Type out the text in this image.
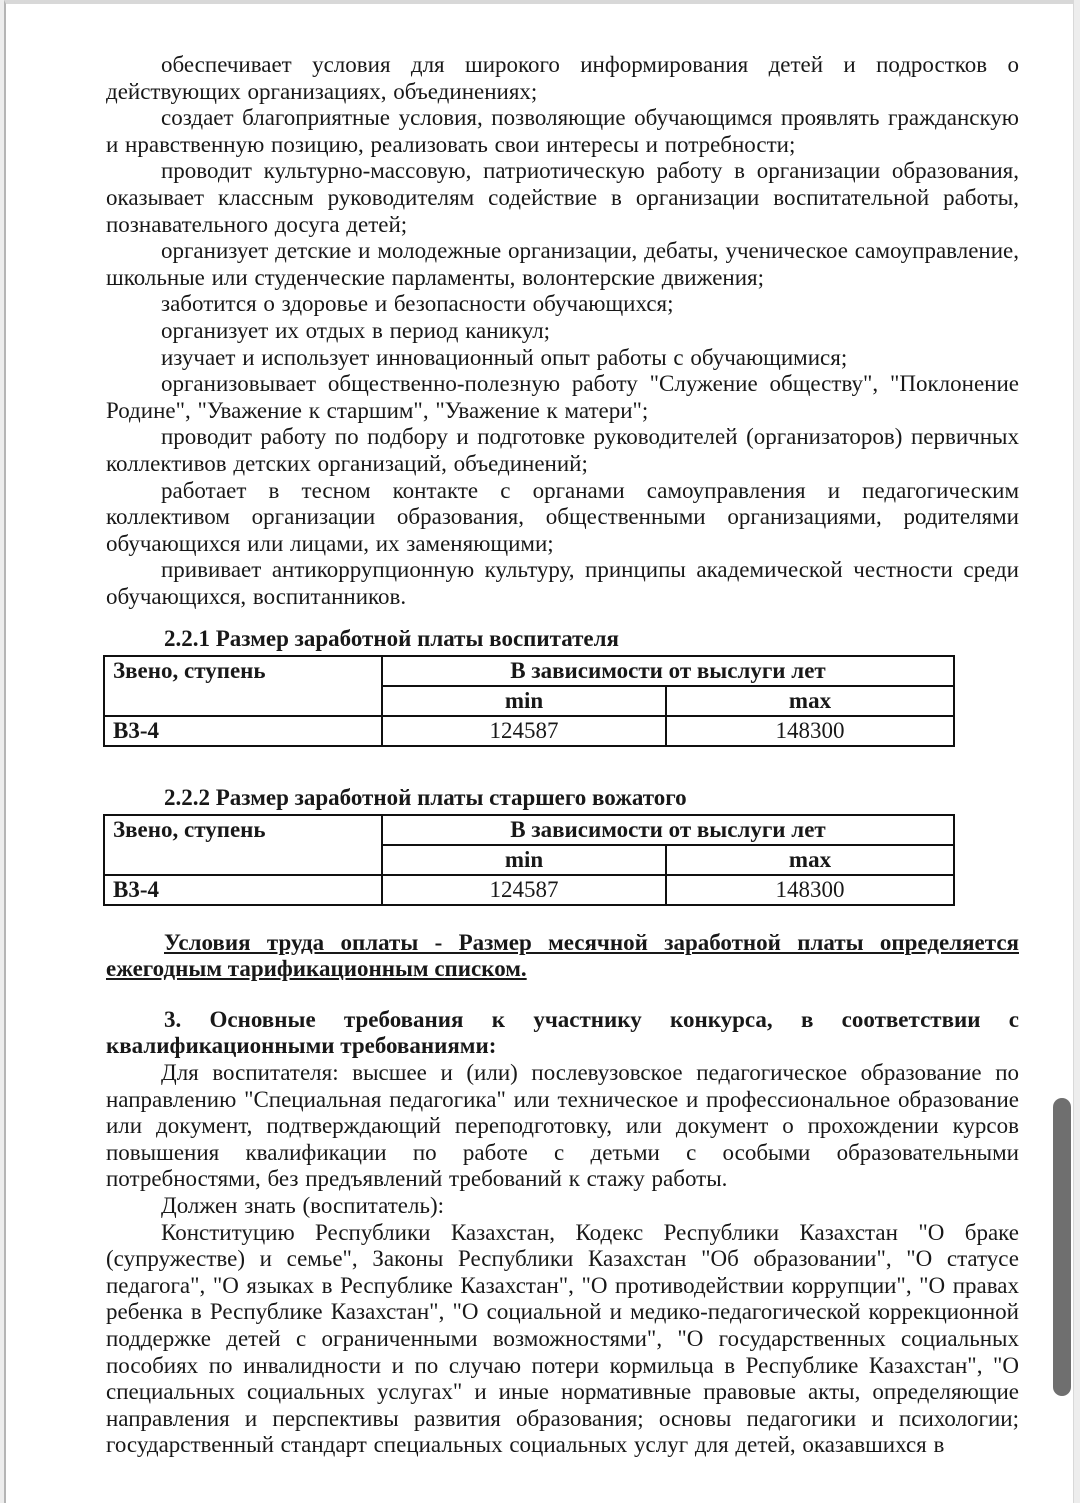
обеспечивает условия для широкого информирования детей и подростков о действующих организациях, объединениях;

создает благоприятные условия, позволяющие обучающимся проявлять гражданскую и нравственную позицию, реализовать свои интересы и потребности;

проводит культурно-массовую, патриотическую работу в организации образования, оказывает классным руководителям содействие в организации воспитательной работы, познавательного досуга детей;

организует детские и молодежные организации, дебаты, ученическое самоуправление, школьные или студенческие парламенты, волонтерские движения;

заботится о здоровье и безопасности обучающихся;

организует их отдых в период каникул;

изучает и использует инновационный опыт работы с обучающимися;

организовывает общественно-полезную работу "Служение обществу", "Поклонение Родине", "Уважение к старшим", "Уважение к матери";

проводит работу по подбору и подготовке руководителей (организаторов) первичных коллективов детских организаций, объединений;

работает в тесном контакте с органами самоуправления и педагогическим коллективом организации образования, общественными организациями, родителями обучающихся или лицами, их заменяющими;

прививает антикоррупционную культуру, принципы академической честности среди обучающихся, воспитанников.

2.2.1 Размер заработной платы воспитателя

Звено, ступень	В зависимости от выслуги лет	
	min	max
В3-4	124587	148300

2.2.2 Размер заработной платы старшего вожатого

Звено, ступень	В зависимости от выслуги лет	
	min	max
В3-4	124587	148300

Условия труда оплаты - Размер месячной заработной платы определяется ежегодным тарификационным списком.

3. Основные требования к участнику конкурса, в соответствии с квалификационными требованиями:

Для воспитателя: высшее и (или) послевузовское педагогическое образование по направлению "Специальная педагогика" или техническое и профессиональное образование или документ, подтверждающий переподготовку, или документ о прохождении курсов повышения квалификации по работе с детьми с особыми образовательными потребностями, без предъявлений требований к стажу работы.

Должен знать (воспитатель):

Конституцию Республики Казахстан, Кодекс Республики Казахстан "О браке (супружестве) и семье", Законы Республики Казахстан "Об образовании", "О статусе педагога", "О языках в Республике Казахстан", "О противодействии коррупции", "О правах ребенка в Республике Казахстан", "О социальной и медико-педагогической коррекционной поддержке детей с ограниченными возможностями", "О государственных социальных пособиях по инвалидности и по случаю потери кормильца в Республике Казахстан", "О специальных социальных услугах" и иные нормативные правовые акты, определяющие направления и перспективы развития образования; основы педагогики и психологии; государственный стандарт специальных социальных услуг для детей, оказавшихся в
